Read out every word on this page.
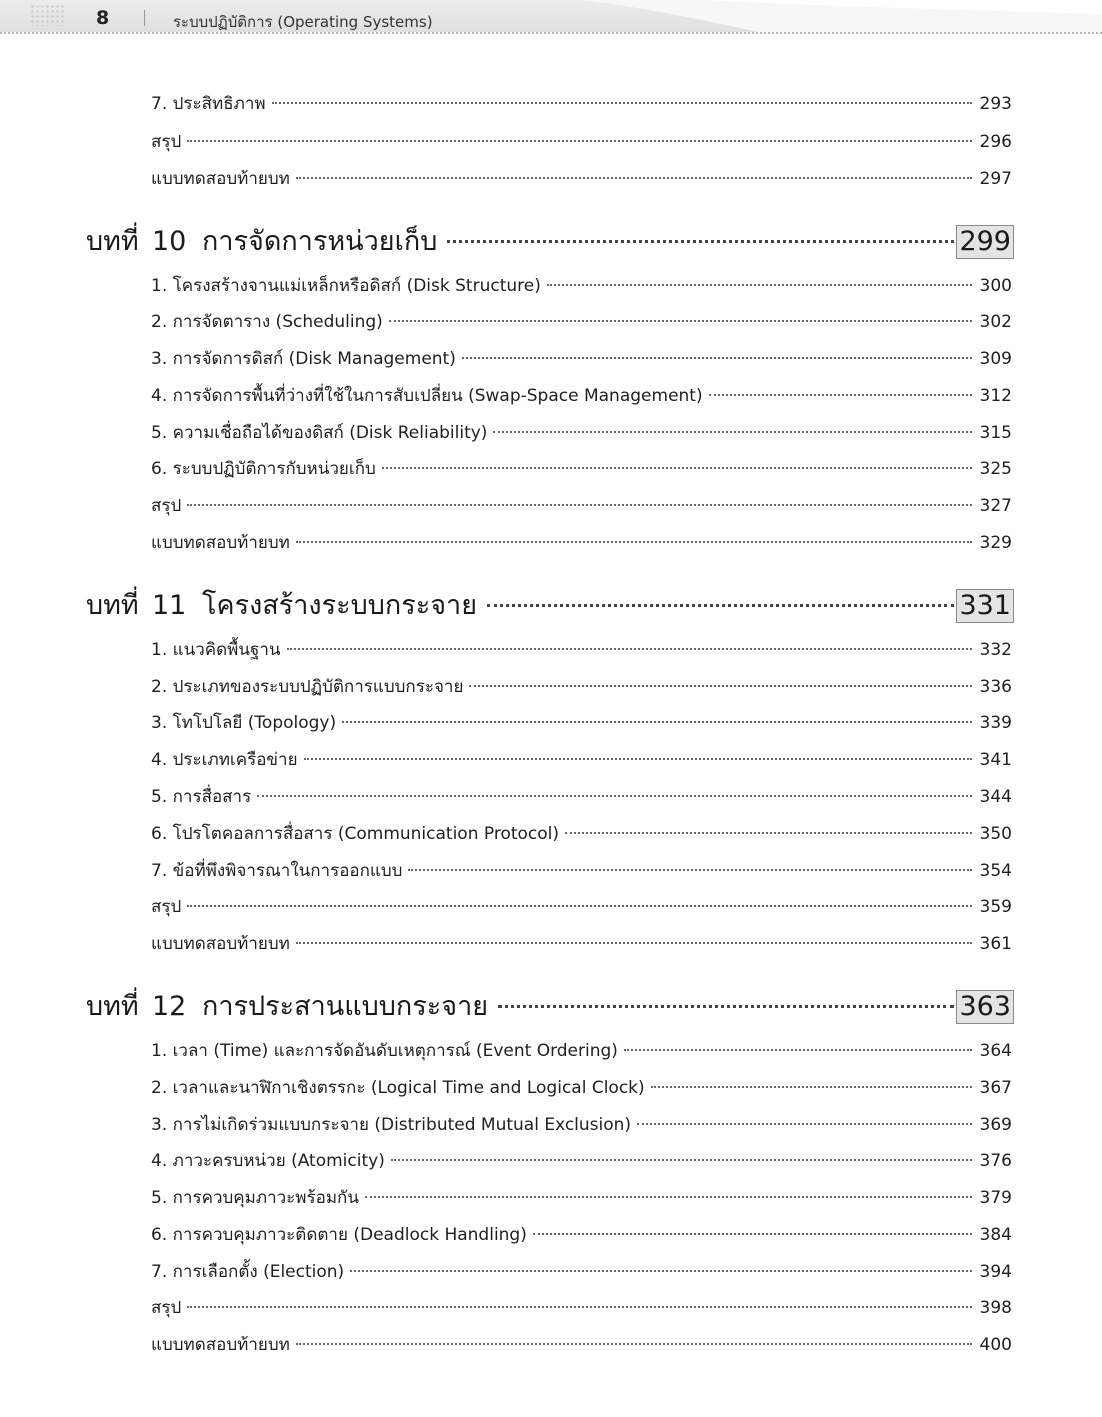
8	ระบบปฏิบัติการ (Operating Systems)
7. ประสิทธิภาพ	293
สรุป	296
แบบทดสอบท้ายบท	297
บทที่ 10 การจัดการหน่วยเก็บ	299
1. โครงสร้างจานแม่เหล็กหรือดิสก์ (Disk Structure)	300
2. การจัดตาราง (Scheduling)	302
3. การจัดการดิสก์ (Disk Management)	309
4. การจัดการพื้นที่ว่างที่ใช้ในการสับเปลี่ยน (Swap-Space Management)	312
5. ความเชื่อถือได้ของดิสก์ (Disk Reliability)	315
6. ระบบปฏิบัติการกับหน่วยเก็บ	325
สรุป	327
แบบทดสอบท้ายบท	329
บทที่ 11 โครงสร้างระบบกระจาย	331
1. แนวคิดพื้นฐาน	332
2. ประเภทของระบบปฏิบัติการแบบกระจาย	336
3. โทโปโลยี (Topology)	339
4. ประเภทเครือข่าย	341
5. การสื่อสาร	344
6. โปรโตคอลการสื่อสาร (Communication Protocol)	350
7. ข้อที่พึงพิจารณาในการออกแบบ	354
สรุป	359
แบบทดสอบท้ายบท	361
บทที่ 12 การประสานแบบกระจาย	363
1. เวลา (Time) และการจัดอันดับเหตุการณ์ (Event Ordering)	364
2. เวลาและนาฬิกาเชิงตรรกะ (Logical Time and Logical Clock)	367
3. การไม่เกิดร่วมแบบกระจาย (Distributed Mutual Exclusion)	369
4. ภาวะครบหน่วย (Atomicity)	376
5. การควบคุมภาวะพร้อมกัน	379
6. การควบคุมภาวะติดตาย (Deadlock Handling)	384
7. การเลือกตั้ง (Election)	394
สรุป	398
แบบทดสอบท้ายบท	400
